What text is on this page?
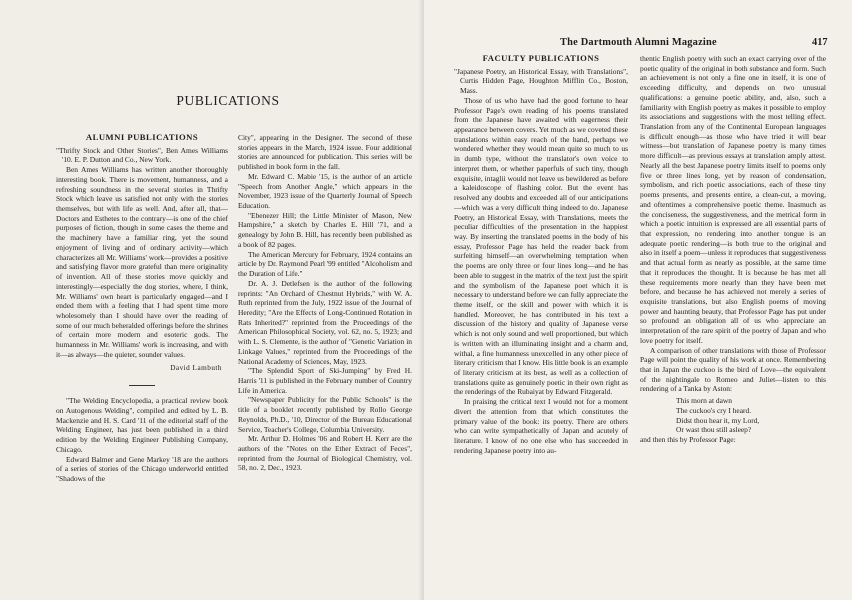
PUBLICATIONS
ALUMNI PUBLICATIONS

"Thrifty Stock and Other Stories", Ben Ames Williams '10. E. P. Dutton and Co., New York.

Ben Ames Williams has written another thoroughly interesting book. There is movement, humanness, and a refreshing soundness in the several stories in Thrifty Stock which leave us satisfied not only with the stories themselves, but with life as well. And, after all, that—Doctors and Esthetes to the contrary—is one of the chief purposes of fiction, though in some cases the theme and the machinery have a familiar ring, yet the sound enjoyment of living and of ordinary activity—which characterizes all Mr. Williams' work—provides a positive and satisfying flavor more grateful than mere originality of invention. All of these stories move quickly and interestingly—especially the dog stories, where, I think, Mr. Williams' own heart is particularly engaged—and I ended them with a feeling that I had spent time more wholesomely than I should have over the reading of some of our much beheralded offerings before the shrines of certain more modern and esoteric gods. The humanness in Mr. Williams' work is increasing, and with it—as always—the quieter, sounder values.

David Lambuth

"The Welding Encyclopedia, a practical review book on Autogenous Welding", compiled and edited by L. B. Mackenzie and H. S. Card '11 of the editorial staff of the Welding Engineer, has just been published in a third edition by the Welding Engineer Publishing Company, Chicago.

Edward Balmer and Gene Markey '18 are the authors of a series of stories of the Chicago underworld entitled "Shadows of the

City", appearing in the Designer. The second of these stories appears in the March, 1924 issue. Four additional stories are announced for publication. This series will be published in book form in the fall.

Mr. Edward C. Mabie '15, is the author of an article "Speech from Another Angle," which appears in the November, 1923 issue of the Quarterly Journal of Speech Education.

"Ebenezer Hill; the Little Minister of Mason, New Hampshire," a sketch by Charles E. Hill '71, and a genealogy by John B. Hill, has recently been published as a book of 82 pages.

The American Mercury for February, 1924 contains an article by Dr. Raymond Pearl '99 entitled "Alcoholism and the Duration of Life."

Dr. A. J. Detlefsen is the author of the following reprints: "An Orchard of Chestnut Hybrids," with W. A. Ruth reprinted from the July, 1922 issue of the Journal of Heredity; "Are the Effects of Long-Continued Rotation in Rats Inherited?" reprinted from the Proceedings of the American Philosophical Society, vol. 62, no. 5, 1923; and with L. S. Clemente, is the author of "Genetic Variation in Linkage Values," reprinted from the Proceedings of the National Academy of Sciences, May, 1923.

"The Splendid Sport of Ski-Jumping" by Fred H. Harris '11 is published in the February number of Country Life in America.

"Newspaper Publicity for the Public Schools" is the title of a booklet recently published by Rollo George Reynolds, Ph.D., '10, Director of the Bureau Educational Service, Teacher's College, Columbia University.

Mr. Arthur D. Holmes '06 and Robert H. Kerr are the authors of the "Notes on the Ether Extract of Feces", reprinted from the Journal of Biological Chemistry, vol. 58, no. 2, Dec., 1923.

The Dartmouth Alumni Magazine	417
FACULTY PUBLICATIONS

"Japanese Poetry, an Historical Essay, with Translations", Curtis Hidden Page, Houghton Mifflin Co., Boston, Mass.

Those of us who have had the good fortune to hear Professor Page's own reading of his poems translated from the Japanese have awaited with eagerness their appearance between covers. Yet much as we coveted these translations within easy reach of the hand, perhaps we wondered whether they would mean quite so much to us in dumb type, without the translator's own voice to interpret them, or whether paperfuls of such tiny, though exquisite, intaglii would not leave us bewildered as before a kaleidoscope of flashing color. But the event has resolved any doubts and exceeded all of our anticipations—which was a very difficult thing indeed to do. Japanese Poetry, an Historical Essay, with Translations, meets the peculiar difficulties of the presentation in the happiest way. By inserting the translated poems in the body of his essay, Professor Page has held the reader back from surfeiting himself—an overwhelming temptation when the poems are only three or four lines long—and he has been able to suggest in the matrix of the text just the spirit and the symbolism of the Japanese poet which it is necessary to understand before we can fully appreciate the theme itself, or the skill and power with which it is handled. Moreover, he has contributed in his text a discussion of the history and quality of Japanese verse which is not only sound and well proportioned, but which is written with an illuminating insight and a charm and, withal, a fine humanness unexcelled in any other piece of literary criticism that I know. His little book is an example of literary criticism at its best, as well as a collection of translations quite as genuinely poetic in their own right as the renderings of the Rubaiyat by Edward Fitzgerald.

In praising the critical text I would not for a moment divert the attention from that which constitutes the primary value of the book: its poetry. There are others who can write sympathetically of Japan and acutely of literature. I know of no one else who has succeeded in rendering Japanese poetry into au-

thentic English poetry with such an exact carrying over of the poetic quality of the original in both substance and form. Such an achievement is not only a fine one in itself, it is one of exceeding difficulty, and depends on two unusual qualifications: a genuine poetic ability, and, also, such a familiarity with English poetry as makes it possible to employ its associations and suggestions with the most telling effect. Translation from any of the Continental European languages is difficult enough—as those who have tried it will bear witness—but translation of Japanese poetry is many times more difficult—as previous essays at translation amply attest. Nearly all the best Japanese poetry limits itself to poems only five or three lines long, yet by reason of condensation, symbolism, and rich poetic associations, each of these tiny poems presents, and presents entire, a clean-cut, a moving, and oftentimes a comprehensive poetic theme. Inasmuch as the conciseness, the suggestiveness, and the metrical form in which a poetic intuition is expressed are all essential parts of that expression, no rendering into another tongue is an adequate poetic rendering—is both true to the original and also in itself a poem—unless it reproduces that suggestiveness and that actual form as nearly as possible, at the same time that it reproduces the thought. It is because he has met all these requirements more nearly than they have been met before, and because he has achieved not merely a series of exquisite translations, but also English poems of moving power and haunting beauty, that Professor Page has put under so profound an obligation all of us who appreciate an interpretation of the rare spirit of the poetry of Japan and who love poetry for itself.

A comparison of other translations with those of Professor Page will point the quality of his work at once. Remembering that in Japan the cuckoo is the bird of Love—the equivalent of the nightingale to Romeo and Juliet—listen to this rendering of a Tanka by Aston:

This morn at dawn
The cuckoo's cry I heard.
Didst thou hear it, my Lord,
Or wast thou still asleep?

and then this by Professor Page:
